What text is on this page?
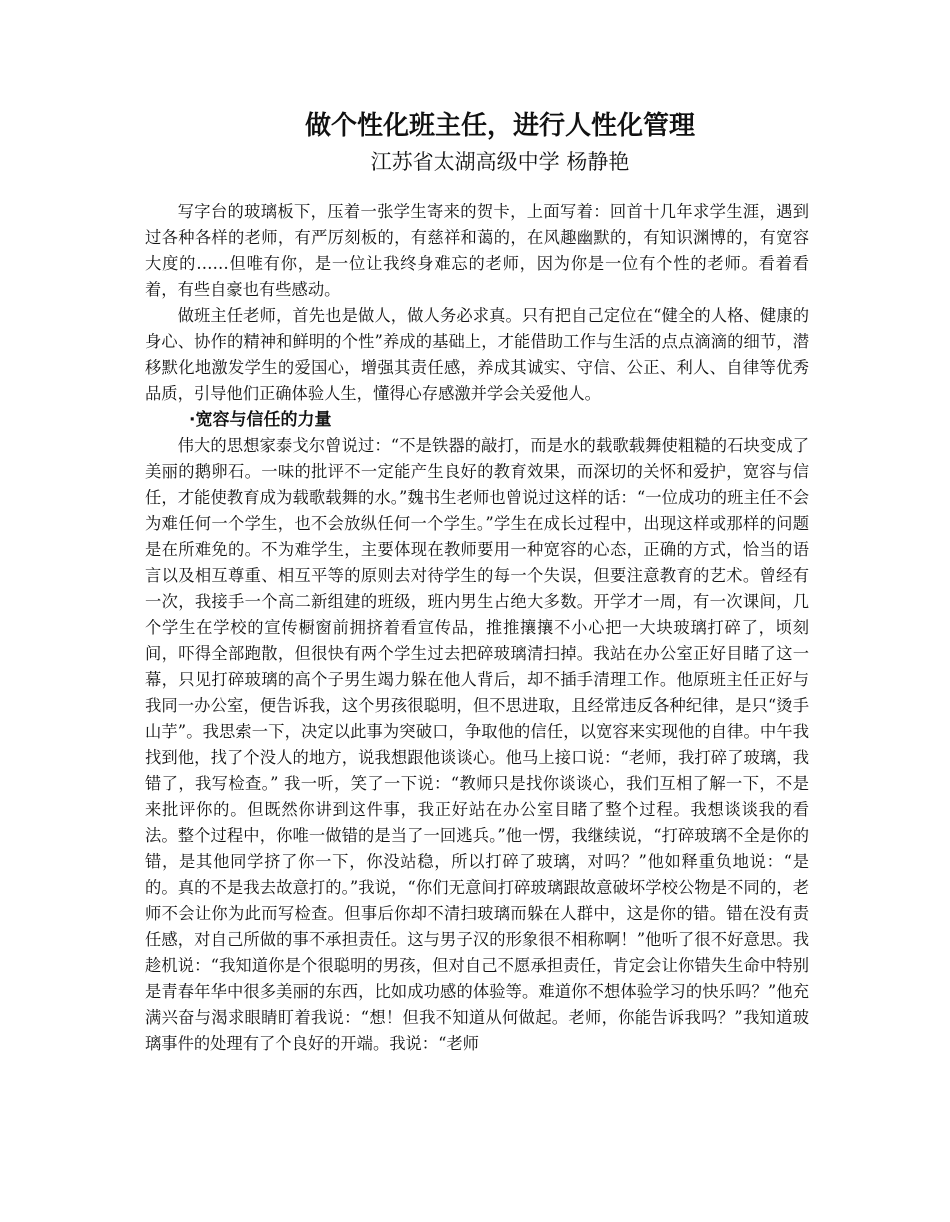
做个性化班主任，进行人性化管理
江苏省太湖高级中学 杨静艳

写字台的玻璃板下，压着一张学生寄来的贺卡，上面写着：回首十几年求学生涯，遇到过各种各样的老师，有严厉刻板的，有慈祥和蔼的，在风趣幽默的，有知识渊博的，有宽容大度的……但唯有你，是一位让我终身难忘的老师，因为你是一位有个性的老师。看着看着，有些自豪也有些感动。

做班主任老师，首先也是做人，做人务必求真。只有把自己定位在“健全的人格、健康的身心、协作的精神和鲜明的个性”养成的基础上，才能借助工作与生活的点点滴滴的细节，潜移默化地激发学生的爱国心，增强其责任感，养成其诚实、守信、公正、利人、自律等优秀品质，引导他们正确体验人生，懂得心存感激并学会关爱他人。

·宽容与信任的力量

伟大的思想家泰戈尔曾说过：“不是铁器的敲打，而是水的载歌载舞使粗糙的石块变成了美丽的鹅卵石。一味的批评不一定能产生良好的教育效果，而深切的关怀和爱护，宽容与信任，才能使教育成为载歌载舞的水。”魏书生老师也曾说过这样的话：“一位成功的班主任不会为难任何一个学生，也不会放纵任何一个学生。”学生在成长过程中，出现这样或那样的问题是在所难免的。不为难学生，主要体现在教师要用一种宽容的心态，正确的方式，恰当的语言以及相互尊重、相互平等的原则去对待学生的每一个失误，但要注意教育的艺术。曾经有一次，我接手一个高二新组建的班级，班内男生占绝大多数。开学才一周，有一次课间，几个学生在学校的宣传橱窗前拥挤着看宣传品，推推攘攘不小心把一大块玻璃打碎了，顷刻间，吓得全部跑散，但很快有两个学生过去把碎玻璃清扫掉。我站在办公室正好目睹了这一幕，只见打碎玻璃的高个子男生竭力躲在他人背后，却不插手清理工作。他原班主任正好与我同一办公室，便告诉我，这个男孩很聪明，但不思进取，且经常违反各种纪律，是只“烫手山芋”。我思索一下，决定以此事为突破口，争取他的信任，以宽容来实现他的自律。中午我找到他，找了个没人的地方，说我想跟他谈谈心。他马上接口说：“老师，我打碎了玻璃，我错了，我写检查。” 我一听，笑了一下说：“教师只是找你谈谈心，我们互相了解一下，不是来批评你的。但既然你讲到这件事，我正好站在办公室目睹了整个过程。我想谈谈我的看法。整个过程中，你唯一做错的是当了一回逃兵。”他一愣，我继续说，“打碎玻璃不全是你的错，是其他同学挤了你一下，你没站稳，所以打碎了玻璃，对吗？”他如释重负地说：“是的。真的不是我去故意打的。”我说，“你们无意间打碎玻璃跟故意破坏学校公物是不同的，老师不会让你为此而写检查。但事后你却不清扫玻璃而躲在人群中，这是你的错。错在没有责任感，对自己所做的事不承担责任。这与男子汉的形象很不相称啊！”他听了很不好意思。我趁机说：“我知道你是个很聪明的男孩，但对自己不愿承担责任，肯定会让你错失生命中特别是青春年华中很多美丽的东西，比如成功感的体验等。难道你不想体验学习的快乐吗？”他充满兴奋与渴求眼睛盯着我说：“想！但我不知道从何做起。老师，你能告诉我吗？”我知道玻璃事件的处理有了个良好的开端。我说：“老师
